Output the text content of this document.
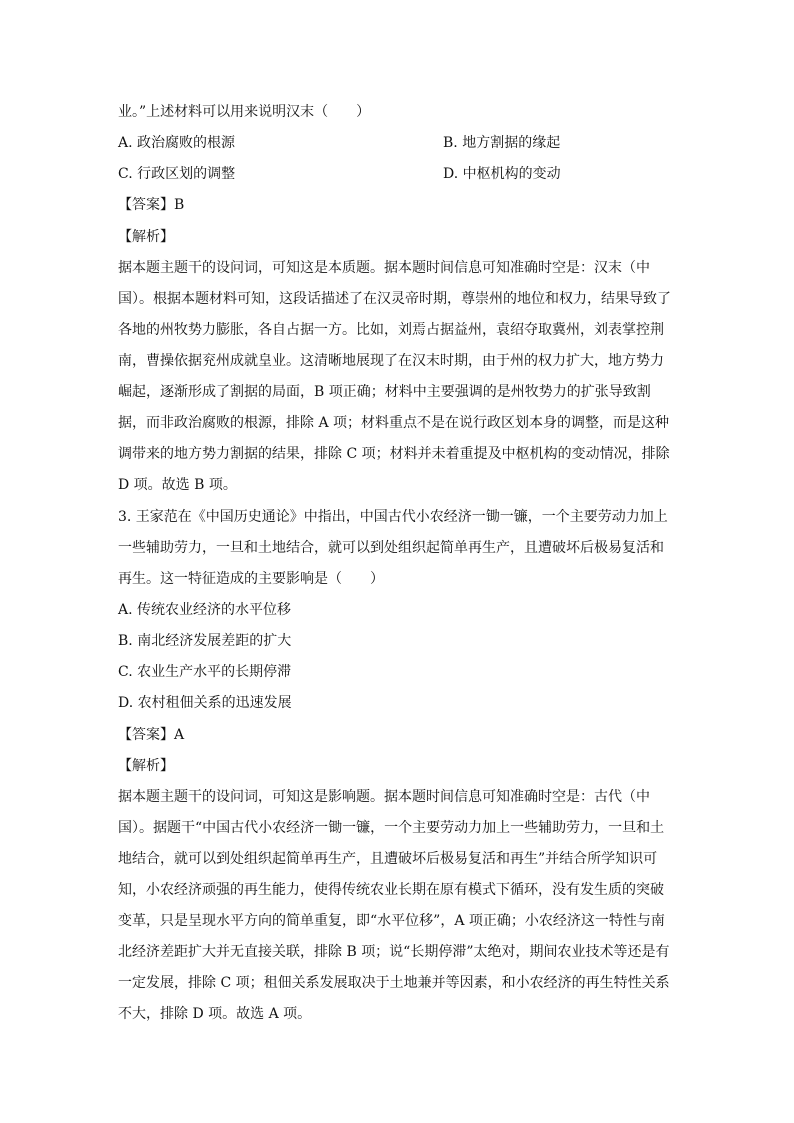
业。”上述材料可以用来说明汉末（　　）
A. 政治腐败的根源	B. 地方割据的缘起
C. 行政区划的调整	D. 中枢机构的变动
【答案】B
【解析】
据本题主题干的设问词，可知这是本质题。据本题时间信息可知准确时空是：汉末（中
国）。根据本题材料可知，这段话描述了在汉灵帝时期，尊崇州的地位和权力，结果导致了
各地的州牧势力膨胀，各自占据一方。比如，刘焉占据益州，袁绍夺取冀州，刘表掌控荆
南，曹操依据兖州成就皇业。这清晰地展现了在汉末时期，由于州的权力扩大，地方势力
崛起，逐渐形成了割据的局面，B 项正确；材料中主要强调的是州牧势力的扩张导致割
据，而非政治腐败的根源，排除 A 项；材料重点不是在说行政区划本身的调整，而是这种
调带来的地方势力割据的结果，排除 C 项；材料并未着重提及中枢机构的变动情况，排除
D 项。故选 B 项。
3. 王家范在《中国历史通论》中指出，中国古代小农经济一锄一镰，一个主要劳动力加上
一些辅助劳力，一旦和土地结合，就可以到处组织起简单再生产，且遭破坏后极易复活和
再生。这一特征造成的主要影响是（　　）
A. 传统农业经济的水平位移
B. 南北经济发展差距的扩大
C. 农业生产水平的长期停滞
D. 农村租佃关系的迅速发展
【答案】A
【解析】
据本题主题干的设问词，可知这是影响题。据本题时间信息可知准确时空是：古代（中
国）。据题干“中国古代小农经济一锄一镰，一个主要劳动力加上一些辅助劳力，一旦和土
地结合，就可以到处组织起简单再生产，且遭破坏后极易复活和再生”并结合所学知识可
知，小农经济顽强的再生能力，使得传统农业长期在原有模式下循环，没有发生质的突破
变革，只是呈现水平方向的简单重复，即“水平位移”，A 项正确；小农经济这一特性与南
北经济差距扩大并无直接关联，排除 B 项；说“长期停滞”太绝对，期间农业技术等还是有
一定发展，排除 C 项；租佃关系发展取决于土地兼并等因素，和小农经济的再生特性关系
不大，排除 D 项。故选 A 项。
